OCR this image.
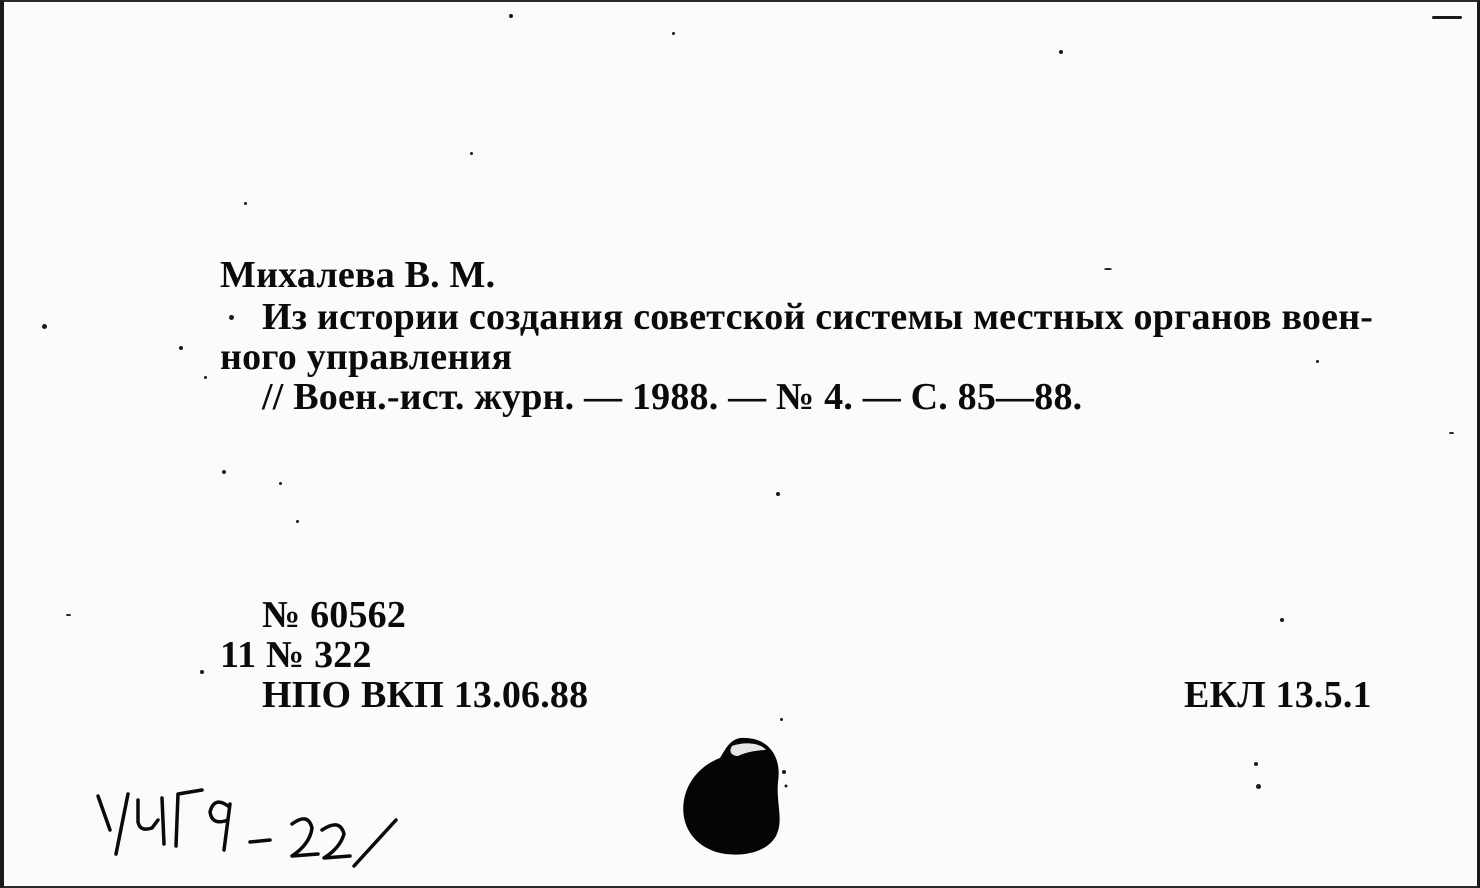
Михалева В. М.
Из истории создания советской системы местных органов воен-
ного управления
// Воен.-ист. журн. — 1988. — № 4. — С. 85—88.
№ 60562
11 № 322
НПО ВКП 13.06.88	ЕКЛ 13.5.1
